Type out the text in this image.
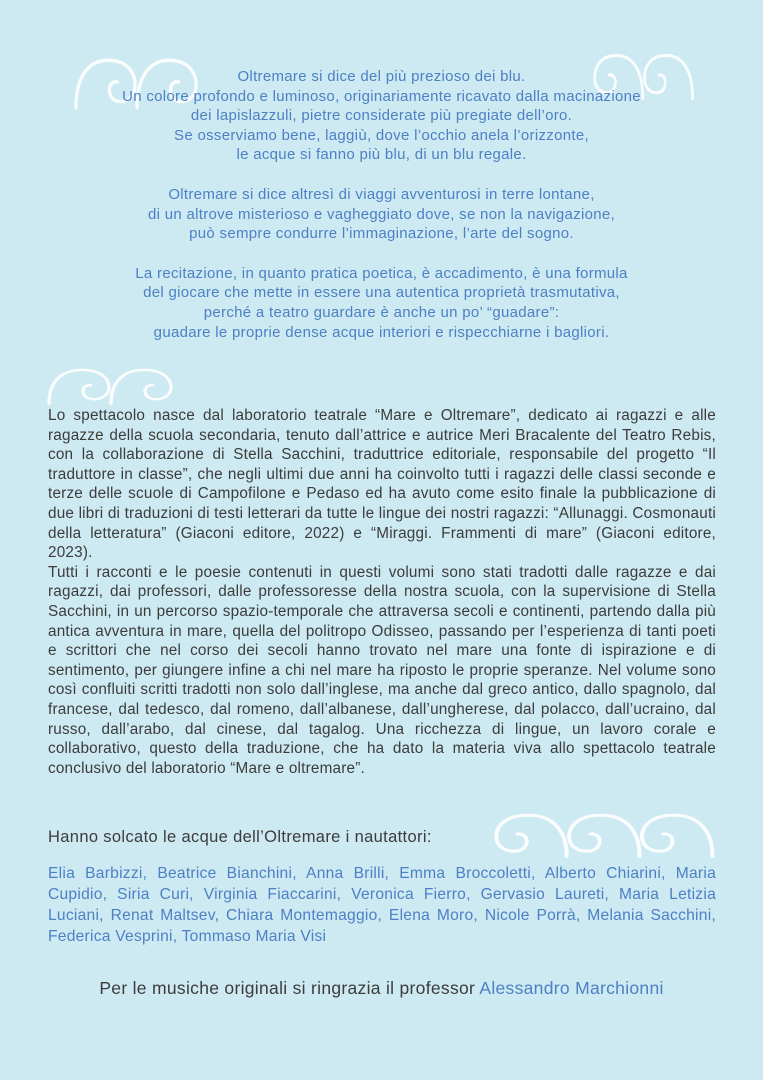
Oltremare si dice del più prezioso dei blu.
Un colore profondo e luminoso, originariamente ricavato dalla macinazione
dei lapislazzuli, pietre considerate più pregiate dell’oro.
Se osserviamo bene, laggiù, dove l’occhio anela l’orizzonte,
le acque si fanno più blu, di un blu regale.
Oltremare si dice altresì di viaggi avventurosi in terre lontane,
di un altrove misterioso e vagheggiato dove, se non la navigazione,
può sempre condurre l’immaginazione, l’arte del sogno.
La recitazione, in quanto pratica poetica, è accadimento, è una formula
del giocare che mette in essere una autentica proprietà trasmutativa,
perché a teatro guardare è anche un po’ “guadare”:
guadare le proprie dense acque interiori e rispecchiarne i bagliori.

Lo spettacolo nasce dal laboratorio teatrale “Mare e Oltremare”, dedicato ai ragazzi e alle ragazze della scuola secondaria, tenuto dall’attrice e autrice Meri Bracalente del Teatro Rebis, con la collaborazione di Stella Sacchini, traduttrice editoriale, responsabile del progetto “Il traduttore in classe”, che negli ultimi due anni ha coinvolto tutti i ragazzi delle classi seconde e terze delle scuole di Campofilone e Pedaso ed ha avuto come esito finale la pubblicazione di due libri di traduzioni di testi letterari da tutte le lingue dei nostri ragazzi: “Allunaggi. Cosmonauti della letteratura” (Giaconi editore, 2022) e “Miraggi. Frammenti di mare” (Giaconi editore, 2023).

Tutti i racconti e le poesie contenuti in questi volumi sono stati tradotti dalle ragazze e dai ragazzi, dai professori, dalle professoresse della nostra scuola, con la supervisione di Stella Sacchini, in un percorso spazio-temporale che attraversa secoli e continenti, partendo dalla più antica avventura in mare, quella del politropo Odisseo, passando per l’esperienza di tanti poeti e scrittori che nel corso dei secoli hanno trovato nel mare una fonte di ispirazione e di sentimento, per giungere infine a chi nel mare ha riposto le proprie speranze. Nel volume sono così confluiti scritti tradotti non solo dall’inglese, ma anche dal greco antico, dallo spagnolo, dal francese, dal tedesco, dal romeno, dall’albanese, dall’ungherese, dal polacco, dall’ucraino, dal russo, dall’arabo, dal cinese, dal tagalog. Una ricchezza di lingue, un lavoro corale e collaborativo, questo della traduzione, che ha dato la materia viva allo spettacolo teatrale conclusivo del laboratorio “Mare e oltremare”.

Hanno solcato le acque dell’Oltremare i nautattori:
Elia Barbizzi, Beatrice Bianchini, Anna Brilli, Emma Broccoletti, Alberto Chiarini, Maria Cupidio, Siria Curi, Virginia Fiaccarini, Veronica Fierro, Gervasio Laureti, Maria Letizia Luciani, Renat Maltsev, Chiara Montemaggio, Elena Moro, Nicole Porrà, Melania Sacchini, Federica Vesprini, Tommaso Maria Visi
Per le musiche originali si ringrazia il professor Alessandro Marchionni
